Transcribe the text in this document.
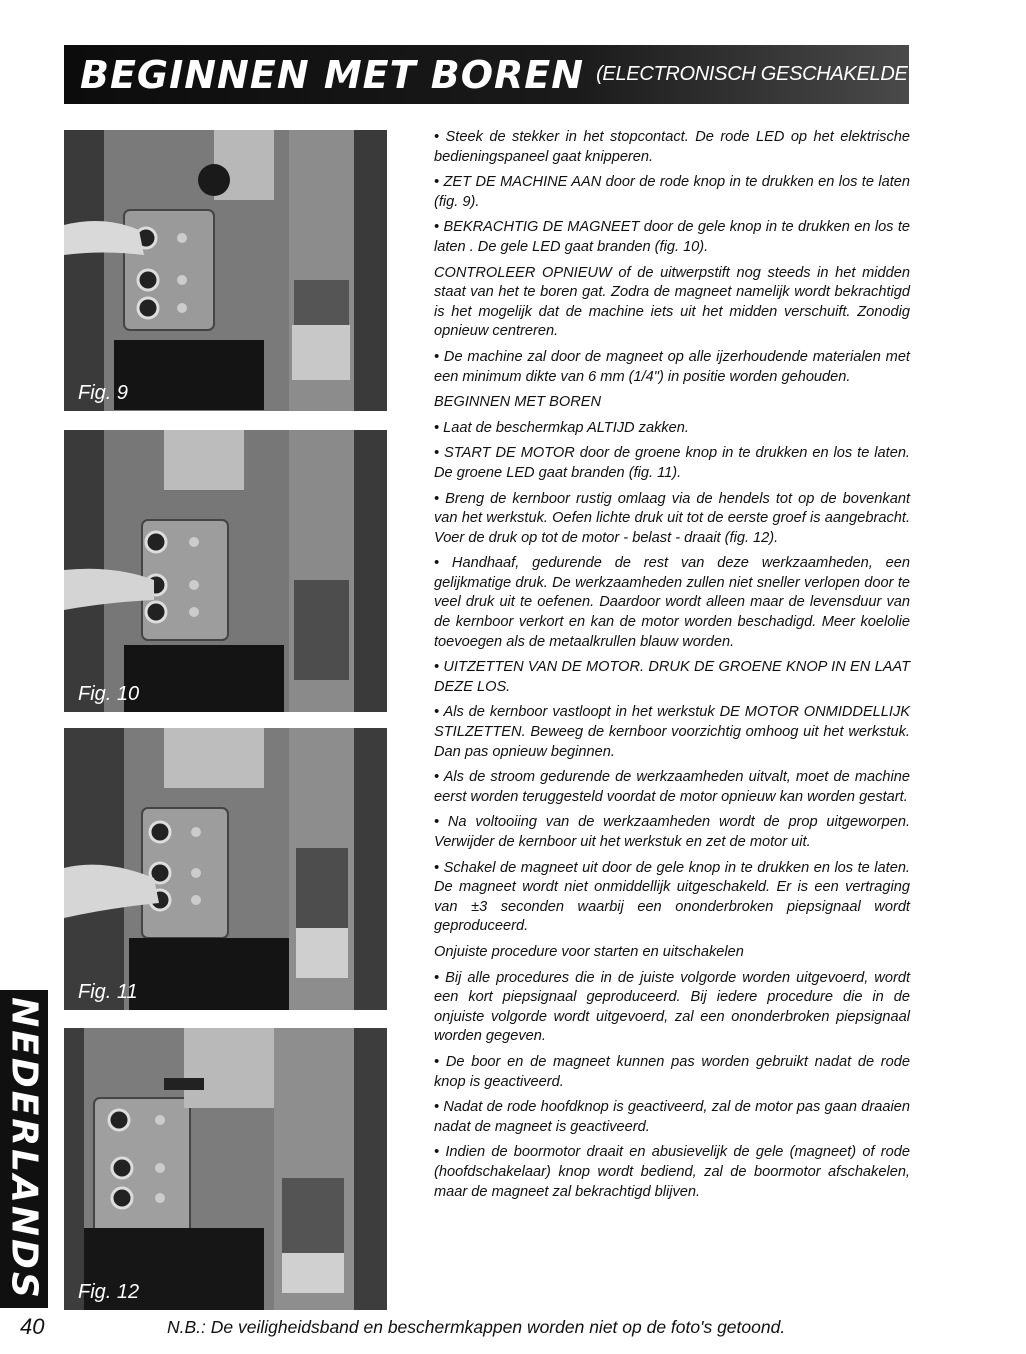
BEGINNEN MET BOREN (ELECTRONISCH GESCHAKELDE BEDIENING)
Fig. 9
Fig. 10
Fig. 11
Fig. 12

• Steek de stekker in het stopcontact. De rode LED op het elektrische bedieningspaneel gaat knipperen.

• ZET DE MACHINE AAN door de rode knop in te drukken en los te laten (fig. 9).

• BEKRACHTIG DE MAGNEET door de gele knop in te drukken en los te laten . De gele LED gaat branden (fig. 10).

CONTROLEER OPNIEUW of de uitwerpstift nog steeds in het midden staat van het te boren gat. Zodra de magneet namelijk wordt bekrachtigd is het mogelijk dat de machine iets uit het midden verschuift. Zonodig opnieuw centreren.

• De machine zal door de magneet op alle ijzerhoudende materialen met een minimum dikte van 6 mm (1/4") in positie worden gehouden.

BEGINNEN MET BOREN

• Laat de beschermkap ALTIJD zakken.

• START DE MOTOR door de groene knop in te drukken en los te laten. De groene LED gaat branden (fig. 11).

• Breng de kernboor rustig omlaag via de hendels tot op de bovenkant van het werkstuk. Oefen lichte druk uit tot de eerste groef is aangebracht. Voer de druk op tot de motor - belast - draait (fig. 12).

• Handhaaf, gedurende de rest van deze werkzaamheden, een gelijkmatige druk. De werkzaamheden zullen niet sneller verlopen door te veel druk uit te oefenen. Daardoor wordt alleen maar de levensduur van de kernboor verkort en kan de motor worden beschadigd. Meer koelolie toevoegen als de metaalkrullen blauw worden.

• UITZETTEN VAN DE MOTOR. DRUK DE GROENE KNOP IN EN LAAT DEZE LOS.

• Als de kernboor vastloopt in het werkstuk DE MOTOR ONMIDDELLIJK STILZETTEN. Beweeg de kernboor voorzichtig omhoog uit het werkstuk. Dan pas opnieuw beginnen.

• Als de stroom gedurende de werkzaamheden uitvalt, moet de machine eerst worden teruggesteld voordat de motor opnieuw kan worden gestart.

• Na voltooiing van de werkzaamheden wordt de prop uitgeworpen. Verwijder de kernboor uit het werkstuk en zet de motor uit.

• Schakel de magneet uit door de gele knop in te drukken en los te laten. De magneet wordt niet onmiddellijk uitgeschakeld. Er is een vertraging van ±3 seconden waarbij een ononderbroken piepsignaal wordt geproduceerd.

Onjuiste procedure voor starten en uitschakelen

• Bij alle procedures die in de juiste volgorde worden uitgevoerd, wordt een kort piepsignaal geproduceerd. Bij iedere procedure die in de onjuiste volgorde wordt uitgevoerd, zal een ononderbroken piepsignaal worden gegeven.

• De boor en de magneet kunnen pas worden gebruikt nadat de rode knop is geactiveerd.

• Nadat de rode hoofdknop is geactiveerd, zal de motor pas gaan draaien nadat de magneet is geactiveerd.

• Indien de boormotor draait en abusievelijk de gele (magneet) of rode (hoofdschakelaar) knop wordt bediend, zal de boormotor afschakelen, maar de magneet zal bekrachtigd blijven.

NEDERLANDS
40	N.B.: De veiligheidsband en beschermkappen worden niet op de foto's getoond.
